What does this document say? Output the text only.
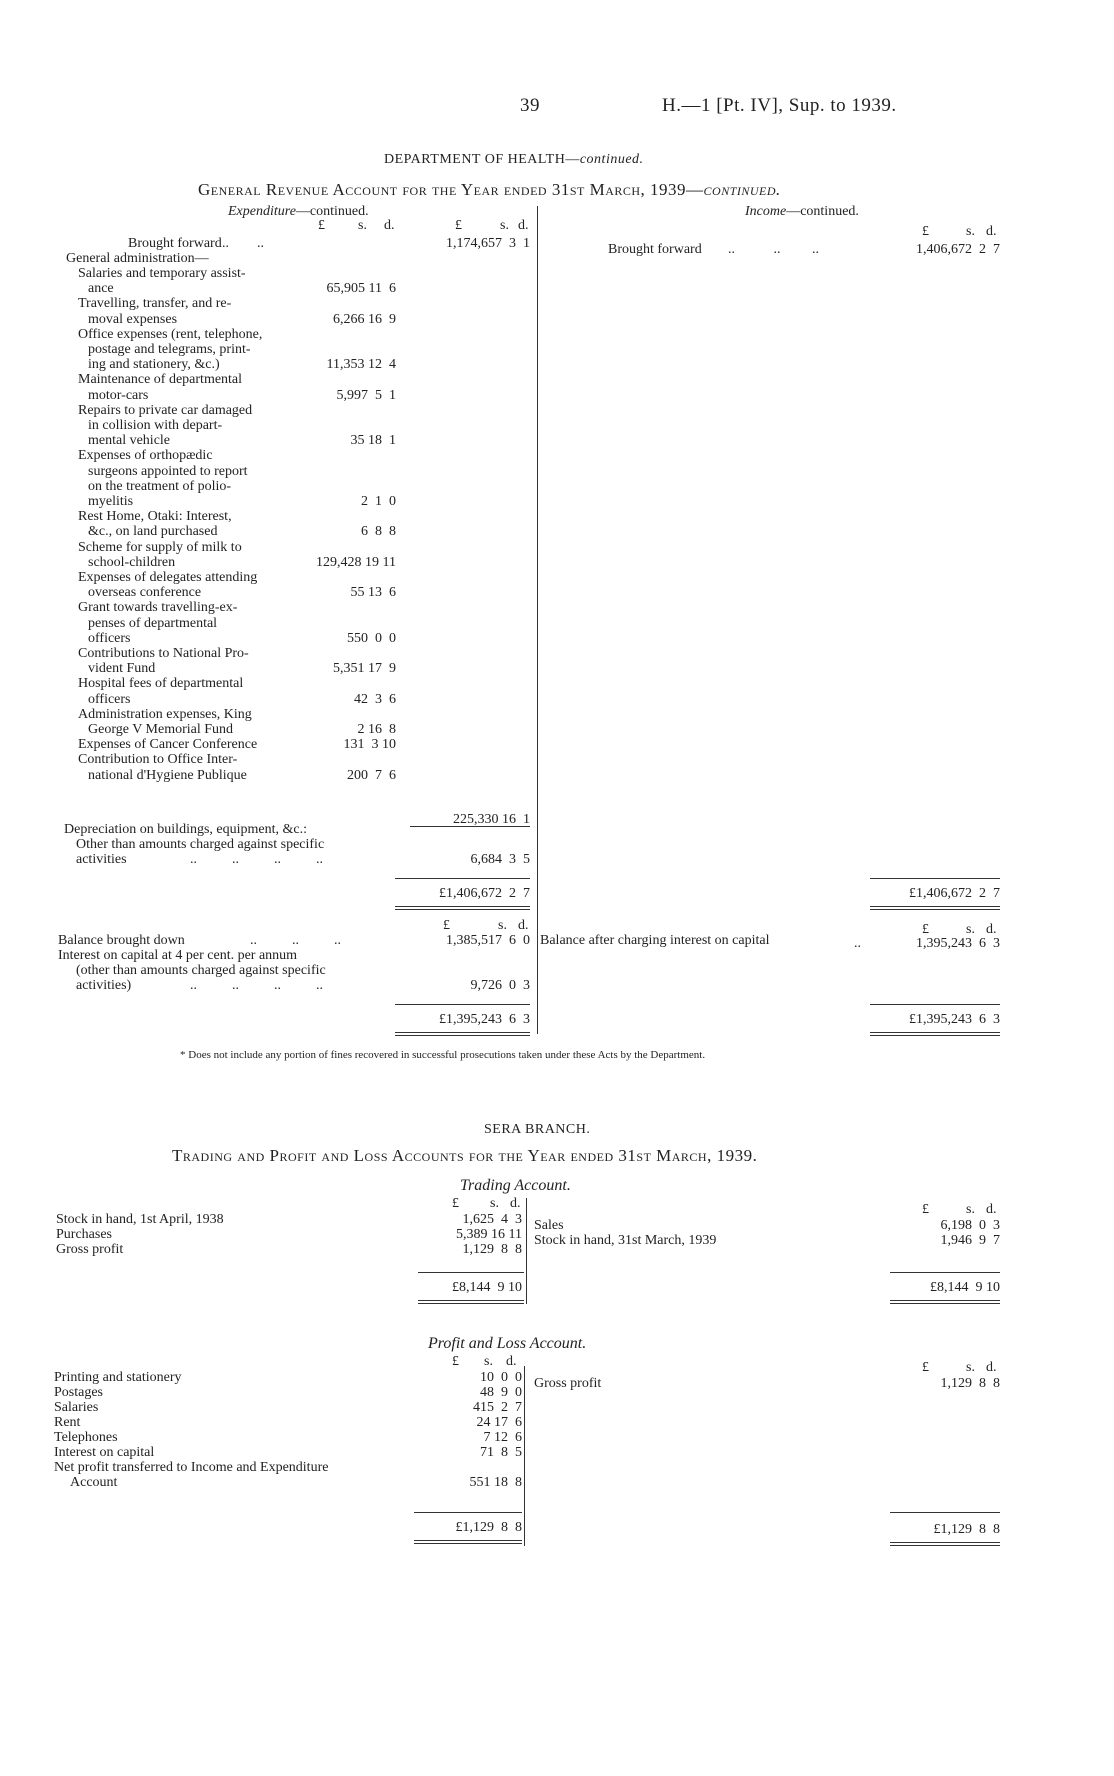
39	H.—1 [Pt. IV], Sup. to 1939.
DEPARTMENT OF HEALTH—continued.
General Revenue Account for the Year ended 31st March, 1939—continued.
Expenditure—continued.	Income—continued.
£ s. d.	£	s. d.	£	s. d.
Brought forward ..        ..	1,174,657  3  1
General administration—
Salaries and temporary assist-
ance	65,905 11  6
Travelling, transfer, and re-
moval expenses	6,266 16  9
Office expenses (rent, telephone,
postage and telegrams, print-
ing and stationery, &c.)	11,353 12  4
Maintenance of departmental
motor-cars	5,997  5  1
Repairs to private car damaged
in collision with depart-
mental vehicle	35 18  1
Expenses of orthopædic
surgeons appointed to report
on the treatment of polio-
myelitis	2  1  0
Rest Home, Otaki: Interest,
&c., on land purchased	6  8  8
Scheme for supply of milk to
school-children	129,428 19 11
Expenses of delegates attending
overseas conference	55 13  6
Grant towards travelling-ex-
penses of departmental
officers	550  0  0
Contributions to National Pro-
vident Fund	5,351 17  9
Hospital fees of departmental
officers	42  3  6
Administration expenses, King
George V Memorial Fund	2 16  8
Expenses of Cancer Conference	131  3 10
Contribution to Office Inter-
national d'Hygiene Publique	200  7  6
225,330 16  1
Depreciation on buildings, equipment, &c.:
Other than amounts charged against specific
activities	..          ..          ..          ..	6,684  3  5
£1,406,672  2  7
Brought forward ..           ..         ..	1,406,672  2  7
£1,406,672  2  7
£	s. d.	£	s. d.
Balance brought down	..          ..          ..	1,385,517  6  0
Interest on capital at 4 per cent. per annum
(other than amounts charged against specific
activities)	..          ..          ..          ..	9,726  0  3
Balance after charging interest on capital	..	1,395,243  6  3
£1,395,243  6  3	£1,395,243  6  3
* Does not include any portion of fines recovered in successful prosecutions taken under these Acts by the Department.
SERA BRANCH.
Trading and Profit and Loss Accounts for the Year ended 31st March, 1939.
Trading Account.
£ s. d.	£	s. d.
Stock in hand, 1st April, 1938	1,625  4  3
Purchases	5,389 16 11
Gross profit	1,129  8  8
Sales	6,198  0  3
Stock in hand, 31st March, 1939	1,946  9  7
£8,144  9 10	£8,144  9 10
Profit and Loss Account.
£ s. d.	£	s. d.
Printing and stationery	10  0  0
Postages	48  9  0
Salaries	415  2  7
Rent	24 17  6
Telephones	7 12  6
Interest on capital	71  8  5
Net profit transferred to Income and Expenditure
Account	551 18  8
Gross profit	1,129  8  8
£1,129  8  8	£1,129  8  8
